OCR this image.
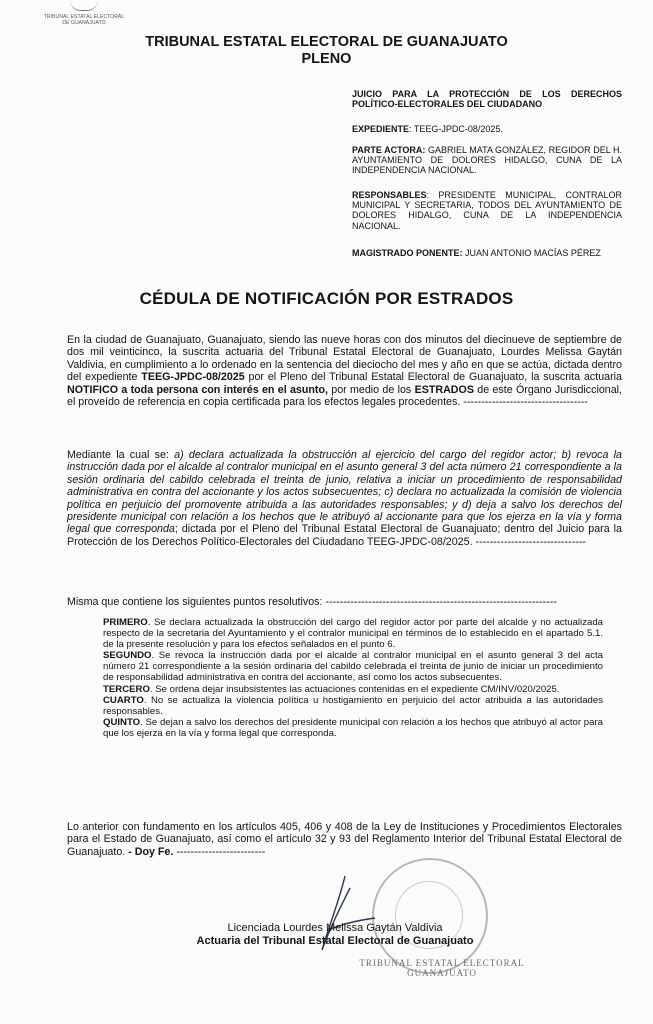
TRIBUNAL ESTATAL ELECTORAL
DE GUANAJUATO
TRIBUNAL ESTATAL ELECTORAL DE GUANAJUATO
PLENO
JUICIO PARA LA PROTECCIÓN DE LOS DERECHOS POLÍTICO-ELECTORALES DEL CIUDADANO
EXPEDIENTE: TEEG-JPDC-08/2025.
PARTE ACTORA: GABRIEL MATA GONZÁLEZ, REGIDOR DEL H. AYUNTAMIENTO DE DOLORES HIDALGO, CUNA DE LA INDEPENDENCIA NACIONAL.
RESPONSABLES: PRESIDENTE MUNICIPAL, CONTRALOR MUNICIPAL Y SECRETARIA, TODOS DEL AYUNTAMIENTO DE DOLORES HIDALGO, CUNA DE LA INDEPENDENCIA NACIONAL.
MAGISTRADO PONENTE: JUAN ANTONIO MACÍAS PÉREZ
CÉDULA DE NOTIFICACIÓN POR ESTRADOS
En la ciudad de Guanajuato, Guanajuato, siendo las nueve horas con dos minutos del diecinueve de septiembre de dos mil veinticinco, la suscrita actuaria del Tribunal Estatal Electoral de Guanajuato, Lourdes Melissa Gaytán Valdivia, en cumplimiento a lo ordenado en la sentencia del dieciocho del mes y año en que se actúa, dictada dentro del expediente TEEG-JPDC-08/2025 por el Pleno del Tribunal Estatal Electoral de Guanajuato, la suscrita actuaria NOTIFICO a toda persona con interés en el asunto, por medio de los ESTRADOS de este Órgano Jurisdiccional, el proveído de referencia en copia certificada para los efectos legales procedentes. -----------------------------------
Mediante la cual se: a) declara actualizada la obstrucción al ejercicio del cargo del regidor actor; b) revoca la instrucción dada por el alcalde al contralor municipal en el asunto general 3 del acta número 21 correspondiente a la sesión ordinaria del cabildo celebrada el treinta de junio, relativa a iniciar un procedimiento de responsabilidad administrativa en contra del accionante y los actos subsecuentes; c) declara no actualizada la comisión de violencia política en perjuicio del promovente atribuida a las autoridades responsables; y d) deja a salvo los derechos del presidente municipal con relación a los hechos que le atribuyó al accionante para que los ejerza en la vía y forma legal que corresponda; dictada por el Pleno del Tribunal Estatal Electoral de Guanajuato; dentro del Juicio para la Protección de los Derechos Político-Electorales del Ciudadano TEEG-JPDC-08/2025. -------------------------------
Misma que contiene los siguientes puntos resolutivos: -----------------------------------------------------------------

PRIMERO. Se declara actualizada la obstrucción del cargo del regidor actor por parte del alcalde y no actualizada respecto de la secretaria del Ayuntamiento y el contralor municipal en términos de lo establecido en el apartado 5.1. de la presente resolución y para los efectos señalados en el punto 6.

SEGUNDO. Se revoca la instrucción dada por el alcalde al contralor municipal en el asunto general 3 del acta número 21 correspondiente a la sesión ordinaria del cabildo celebrada el treinta de junio de iniciar un procedimiento de responsabilidad administrativa en contra del accionante, así como los actos subsecuentes.

TERCERO. Se ordena dejar insubsistentes las actuaciones contenidas en el expediente CM/INV/020/2025.

CUARTO. No se actualiza la violencia política u hostigamiento en perjuicio del actor atribuida a las autoridades responsables.

QUINTO. Se dejan a salvo los derechos del presidente municipal con relación a los hechos que atribuyó al actor para que los ejerza en la vía y forma legal que corresponda.

Lo anterior con fundamento en los artículos 405, 406 y 408 de la Ley de Instituciones y Procedimientos Electorales para el Estado de Guanajuato, así como el artículo 32 y 93 del Reglamento Interior del Tribunal Estatal Electoral de Guanajuato. - Doy Fe. -------------------------
Licenciada Lourdes Melissa Gaytán Valdivia
Actuaria del Tribunal Estatal Electoral de Guanajuato
TRIBUNAL ESTATAL ELECTORAL
GUANAJUATO
